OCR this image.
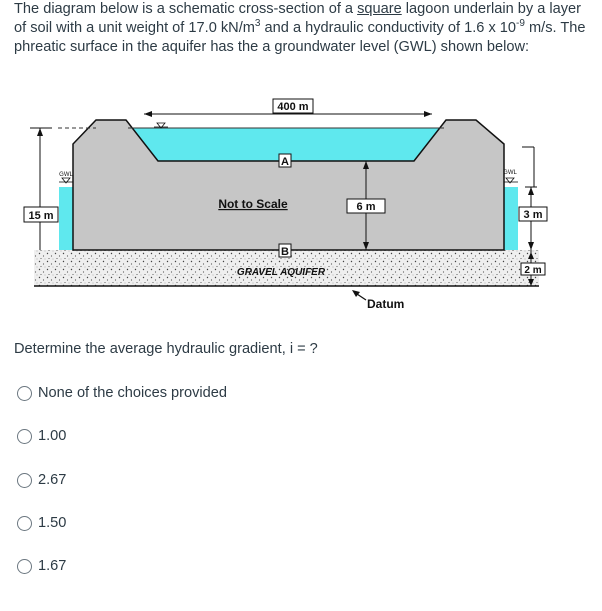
The diagram below is a schematic cross-section of a square lagoon underlain by a layer of soil with a unit weight of 17.0 $kN/m^3$ and a hydraulic conductivity of 1.6 x $10^{-9}$ m/s. The phreatic surface in the aquifer has the a groundwater level (GWL) shown below:
15 m
GWL
400 m
A
Not to Scale	6 m
B
GRAVEL AQUIFER
GWL
3 m
2 m
Datum
Determine the average hydraulic gradient, i = ?
None of the choices provided
1.00
2.67
1.50
1.67
